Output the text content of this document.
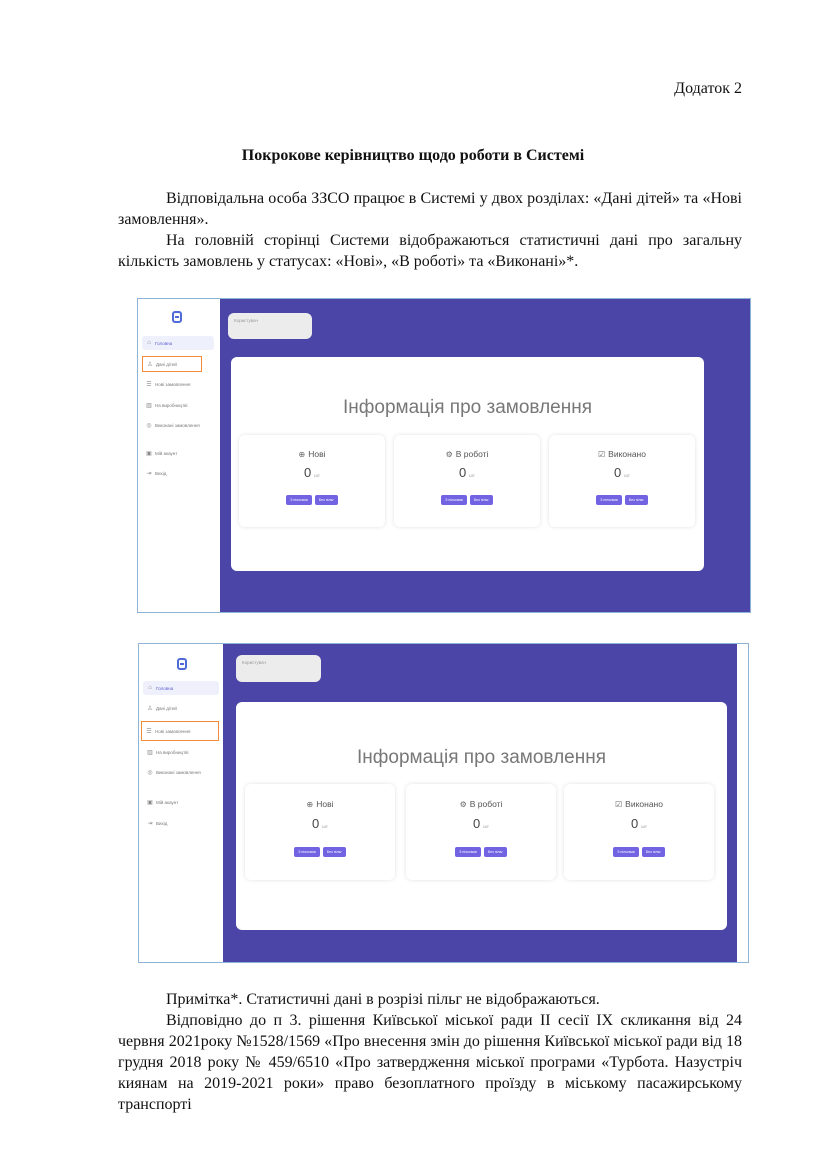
Додаток 2
Покрокове керівництво щодо роботи в Системі
Відповідальна особа ЗЗСО працює в Системі у двох розділах: «Дані дітей» та «Нові замовлення».
На головній сторінці Системи відображаються статистичні дані про загальну кількість замовлень у статусах: «Нові», «В роботі» та «Виконані»*.
⌂ Головна
♙ Дані дітей
☰ Нові замовлення
▥ На виробництві
◎ Виконані замовлення
▣ Мій акаунт
⇥ Вихід
Користувач
Інформація про замовлення
⊕ Нові
0 шт
З пільгами	Без пільг
⚙ В роботі
0 шт
З пільгами	Без пільг
☑ Виконано
0 шт
З пільгами	Без пільг
⌂ Головна
♙ Дані дітей
☰ Нові замовлення
▥ На виробництві
◎ Виконані замовлення
▣ Мій акаунт
⇥ Вихід
Користувач
Інформація про замовлення
⊕ Нові
0 шт
З пільгами	Без пільг
⚙ В роботі
0 шт
З пільгами	Без пільг
☑ Виконано
0 шт
З пільгами	Без пільг
Примітка*. Статистичні дані в розрізі пільг не відображаються.
Відповідно до п 3. рішення Київської міської ради ІІ сесії ІХ скликання від 24 червня 2021року №1528/1569 «Про внесення змін до рішення Київської міської ради від 18 грудня 2018 року № 459/6510 «Про затвердження міської програми «Турбота. Назустріч киянам на 2019-2021 роки» право безоплатного проїзду в міському пасажирському транспорті
